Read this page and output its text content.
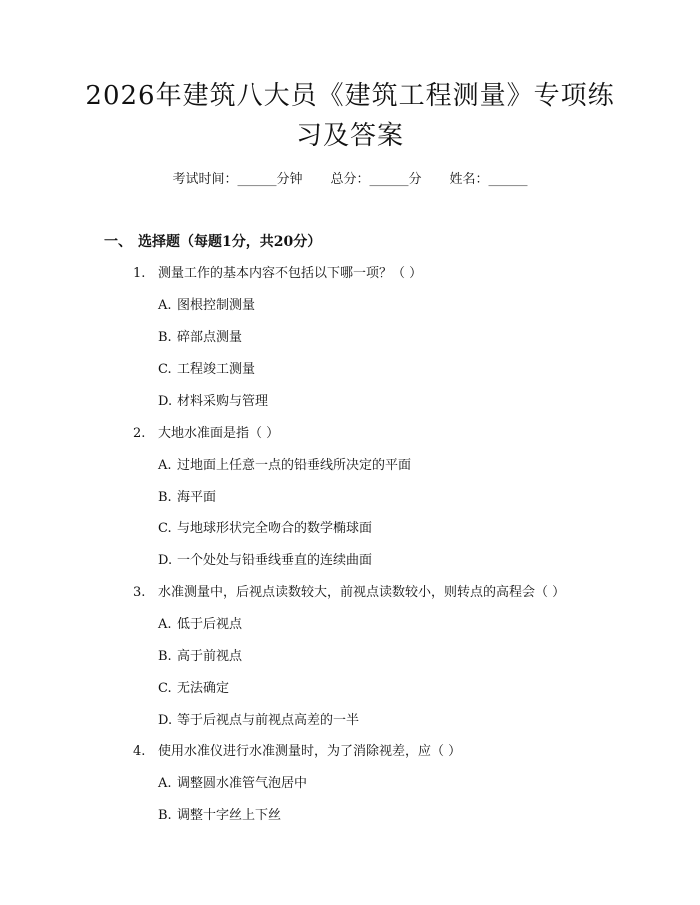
2026年建筑八大员《建筑工程测量》专项练习及答案
考试时间：______分钟 总分：______分 姓名：______
一、 选择题（每题1分，共20分）
1. 测量工作的基本内容不包括以下哪一项？（ ）
A. 图根控制测量
B. 碎部点测量
C. 工程竣工测量
D. 材料采购与管理
2. 大地水准面是指（ ）
A. 过地面上任意一点的铅垂线所决定的平面
B. 海平面
C. 与地球形状完全吻合的数学椭球面
D. 一个处处与铅垂线垂直的连续曲面
3. 水准测量中，后视点读数较大，前视点读数较小，则转点的高程会（ ）
A. 低于后视点
B. 高于前视点
C. 无法确定
D. 等于后视点与前视点高差的一半
4. 使用水准仪进行水准测量时，为了消除视差，应（ ）
A. 调整圆水准管气泡居中
B. 调整十字丝上下丝
